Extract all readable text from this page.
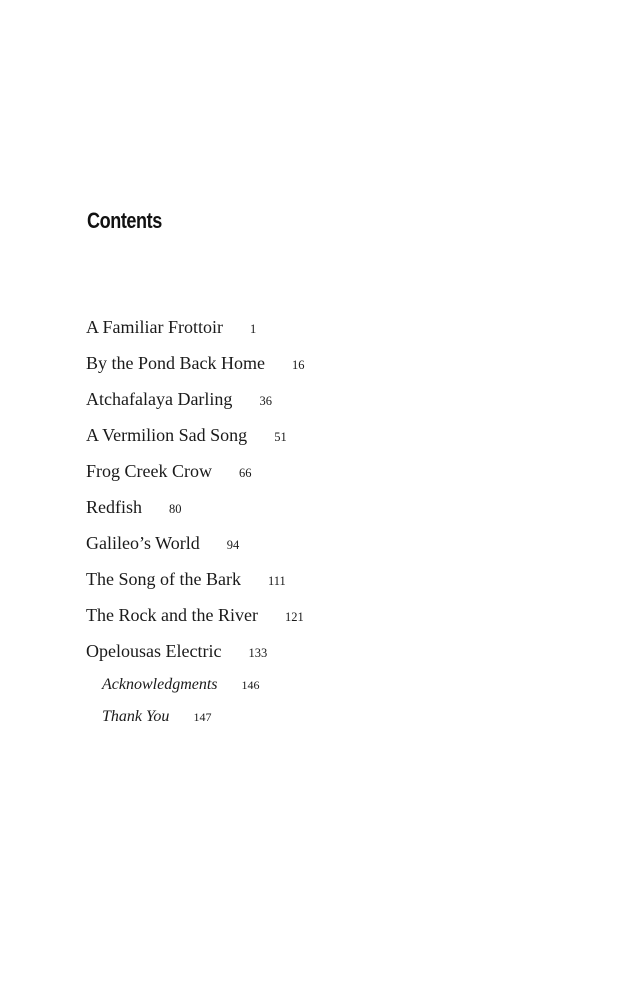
Contents
A Familiar Frottoir 1
By the Pond Back Home 16
Atchafalaya Darling 36
A Vermilion Sad Song 51
Frog Creek Crow 66
Redfish 80
Galileo’s World 94
The Song of the Bark 111
The Rock and the River 121
Opelousas Electric 133
Acknowledgments 146
Thank You 147
